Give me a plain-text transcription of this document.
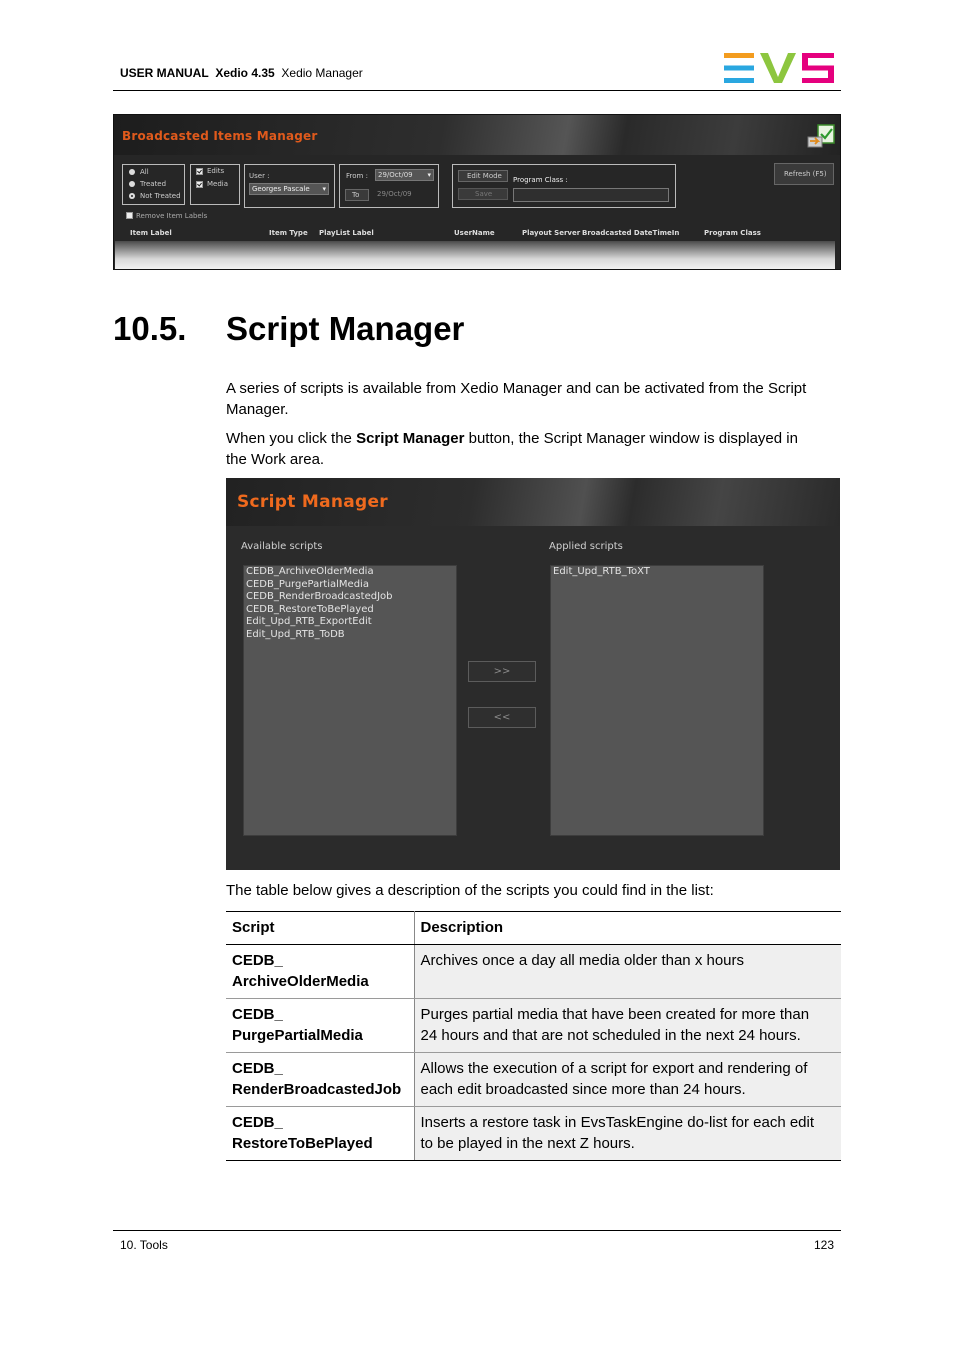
USER MANUAL Xedio 4.35 Xedio Manager
Broadcasted Items Manager
All
Treated
Not Treated
Edits
Media
User :
Georges Pascale ▾
From : 29/Oct/09 ▾
To	29/Oct/09
Edit Mode
Save
Program Class :
Refresh (F5)
Remove Item Labels
Item Label	Item Type PlayList Label	UserName	Playout Server Broadcasted DateTimeIn	Program Class
10.5. Script Manager
A series of scripts is available from Xedio Manager and can be activated from the Script
Manager.
When you click the Script Manager button, the Script Manager window is displayed in
the Work area.
Script Manager
Available scripts	Applied scripts
CEDB_ArchiveOlderMedia
CEDB_PurgePartialMedia
CEDB_RenderBroadcastedJob
CEDB_RestoreToBePlayed
Edit_Upd_RTB_ExportEdit
Edit_Upd_RTB_ToDB
>>
<<
Edit_Upd_RTB_ToXT
The table below gives a description of the scripts you could find in the list:
Script	Description
CEDB_
ArchiveOlderMedia	Archives once a day all media older than x hours

CEDB_
PurgePartialMedia	Purges partial media that have been created for more than
24 hours and that are not scheduled in the next 24 hours.
CEDB_
RenderBroadcastedJob	Allows the execution of a script for export and rendering of
each edit broadcasted since more than 24 hours.
CEDB_
RestoreToBePlayed	Inserts a restore task in EvsTaskEngine do-list for each edit
to be played in the next Z hours.
10. Tools	123
